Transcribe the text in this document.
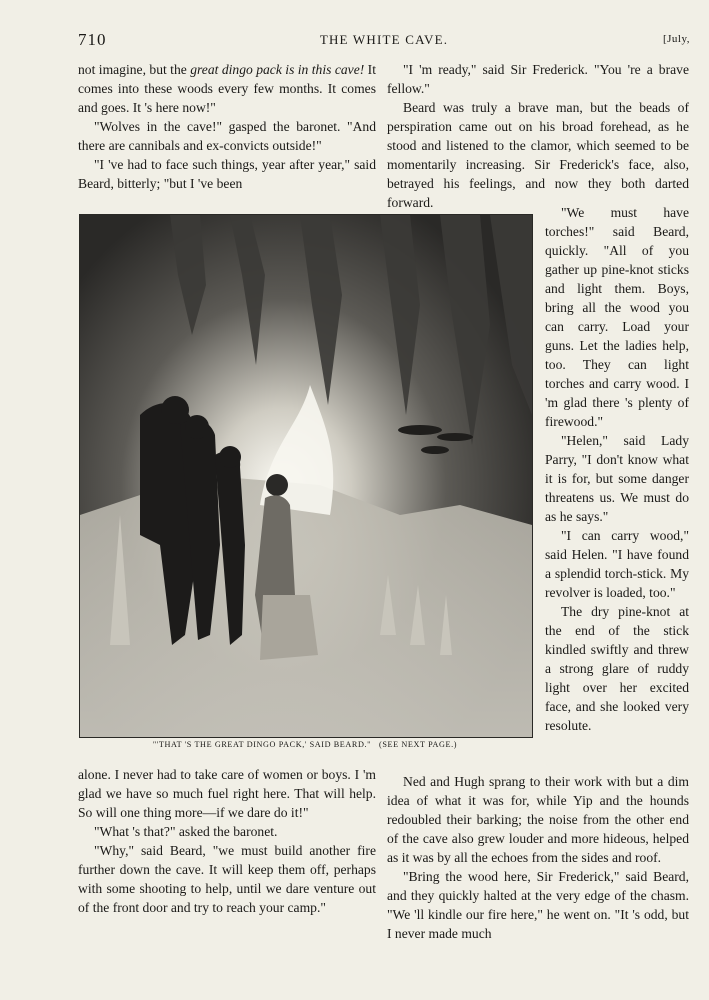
710	THE WHITE CAVE.	[July,

not imagine, but the great dingo pack is in this cave! It comes into these woods every few months. It comes and goes. It 's here now!"

"Wolves in the cave!" gasped the baronet. "And there are cannibals and ex-convicts outside!"

"I 've had to face such things, year after year," said Beard, bitterly; "but I 've been

"I 'm ready," said Sir Frederick. "You 're a brave fellow."

Beard was truly a brave man, but the beads of perspiration came out on his broad forehead, as he stood and listened to the clamor, which seemed to be momentarily increasing. Sir Frederick's face, also, betrayed his feelings, and now they both darted forward.

"We must have torches!" said Beard, quickly. "All of you gather up pine-knot sticks and light them. Boys, bring all the wood you can carry. Load your guns. Let the ladies help, too. They can light torches and carry wood. I 'm glad there 's plenty of firewood."

"Helen," said Lady Parry, "I don't know what it is for, but some danger threatens us. We must do as he says."

"I can carry wood," said Helen. "I have found a splendid torch-stick. My revolver is loaded, too."

The dry pine-knot at the end of the stick kindled swiftly and threw a strong glare of ruddy light over her excited face, and she looked very resolute.

"'THAT 'S THE GREAT DINGO PACK,' SAID BEARD." (SEE NEXT PAGE.)

alone. I never had to take care of women or boys. I 'm glad we have so much fuel right here. That will help. So will one thing more—if we dare do it!"

"What 's that?" asked the baronet.

"Why," said Beard, "we must build another fire further down the cave. It will keep them off, perhaps with some shooting to help, until we dare venture out of the front door and try to reach your camp."

Ned and Hugh sprang to their work with but a dim idea of what it was for, while Yip and the hounds redoubled their barking; the noise from the other end of the cave also grew louder and more hideous, helped as it was by all the echoes from the sides and roof.

"Bring the wood here, Sir Frederick," said Beard, and they quickly halted at the very edge of the chasm. "We 'll kindle our fire here," he went on. "It 's odd, but I never made much
